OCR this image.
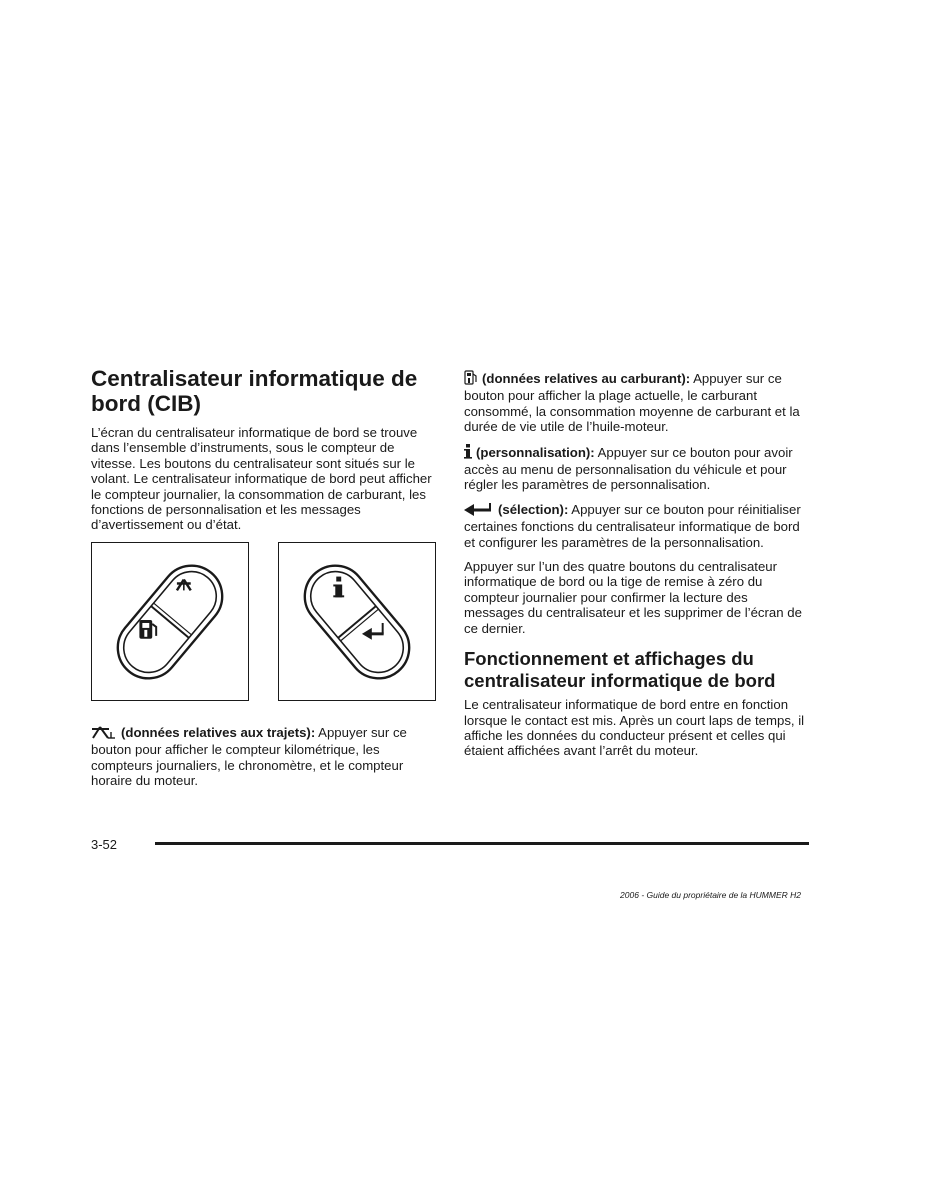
Centralisateur informatique de bord (CIB)

L’écran du centralisateur informatique de bord se trouve dans l’ensemble d’instruments, sous le compteur de vitesse. Les boutons du centralisateur sont situés sur le volant. Le centralisateur informatique de bord peut afficher le compteur journalier, la consommation de carburant, les fonctions de personnalisation et les messages d’avertissement ou d’état.

(données relatives aux trajets): Appuyer sur ce bouton pour afficher le compteur kilométrique, les compteurs journaliers, le chronomètre, et le compteur horaire du moteur.

(données relatives au carburant): Appuyer sur ce bouton pour afficher la plage actuelle, le carburant consommé, la consommation moyenne de carburant et la durée de vie utile de l’huile-moteur.

(personnalisation): Appuyer sur ce bouton pour avoir accès au menu de personnalisation du véhicule et pour régler les paramètres de personnalisation.

(sélection): Appuyer sur ce bouton pour réinitialiser certaines fonctions du centralisateur informatique de bord et configurer les paramètres de la personnalisation.

Appuyer sur l’un des quatre boutons du centralisateur informatique de bord ou la tige de remise à zéro du compteur journalier pour confirmer la lecture des messages du centralisateur et les supprimer de l’écran de ce dernier.

Fonctionnement et affichages du centralisateur informatique de bord

Le centralisateur informatique de bord entre en fonction lorsque le contact est mis. Après un court laps de temps, il affiche les données du conducteur présent et celles qui étaient affichées avant l’arrêt du moteur.

3-52
2006 - Guide du propriétaire de la HUMMER H2
